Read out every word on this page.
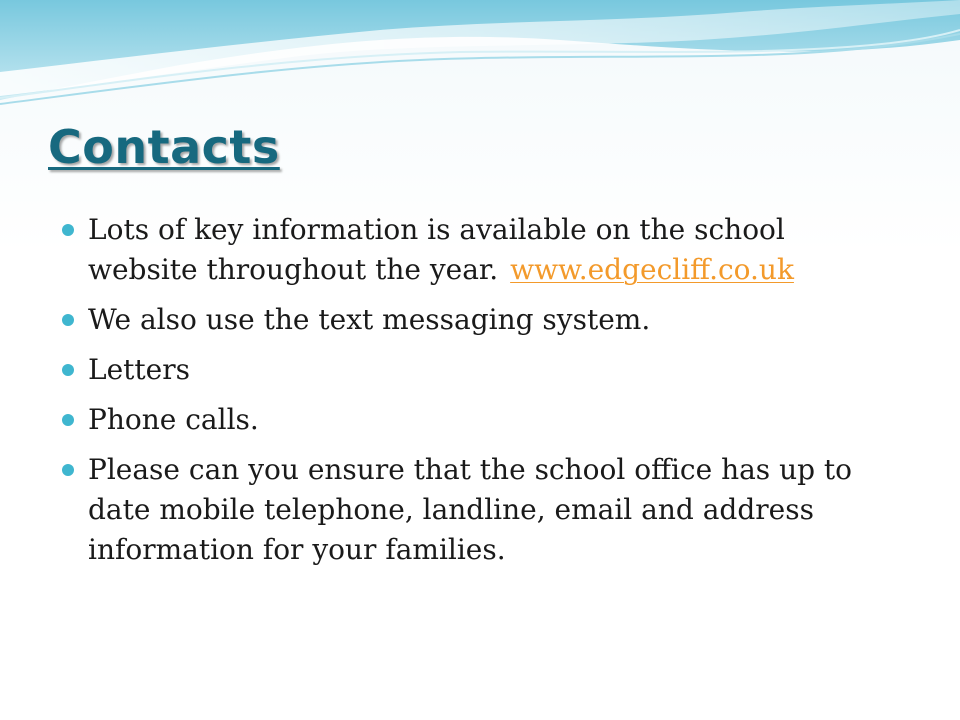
Contacts
Lots of key information is available on the school website throughout the year. www.edgecliff.co.uk
We also use the text messaging system.
Letters
Phone calls.
Please can you ensure that the school office has up to date mobile telephone, landline, email and address information for your families.
